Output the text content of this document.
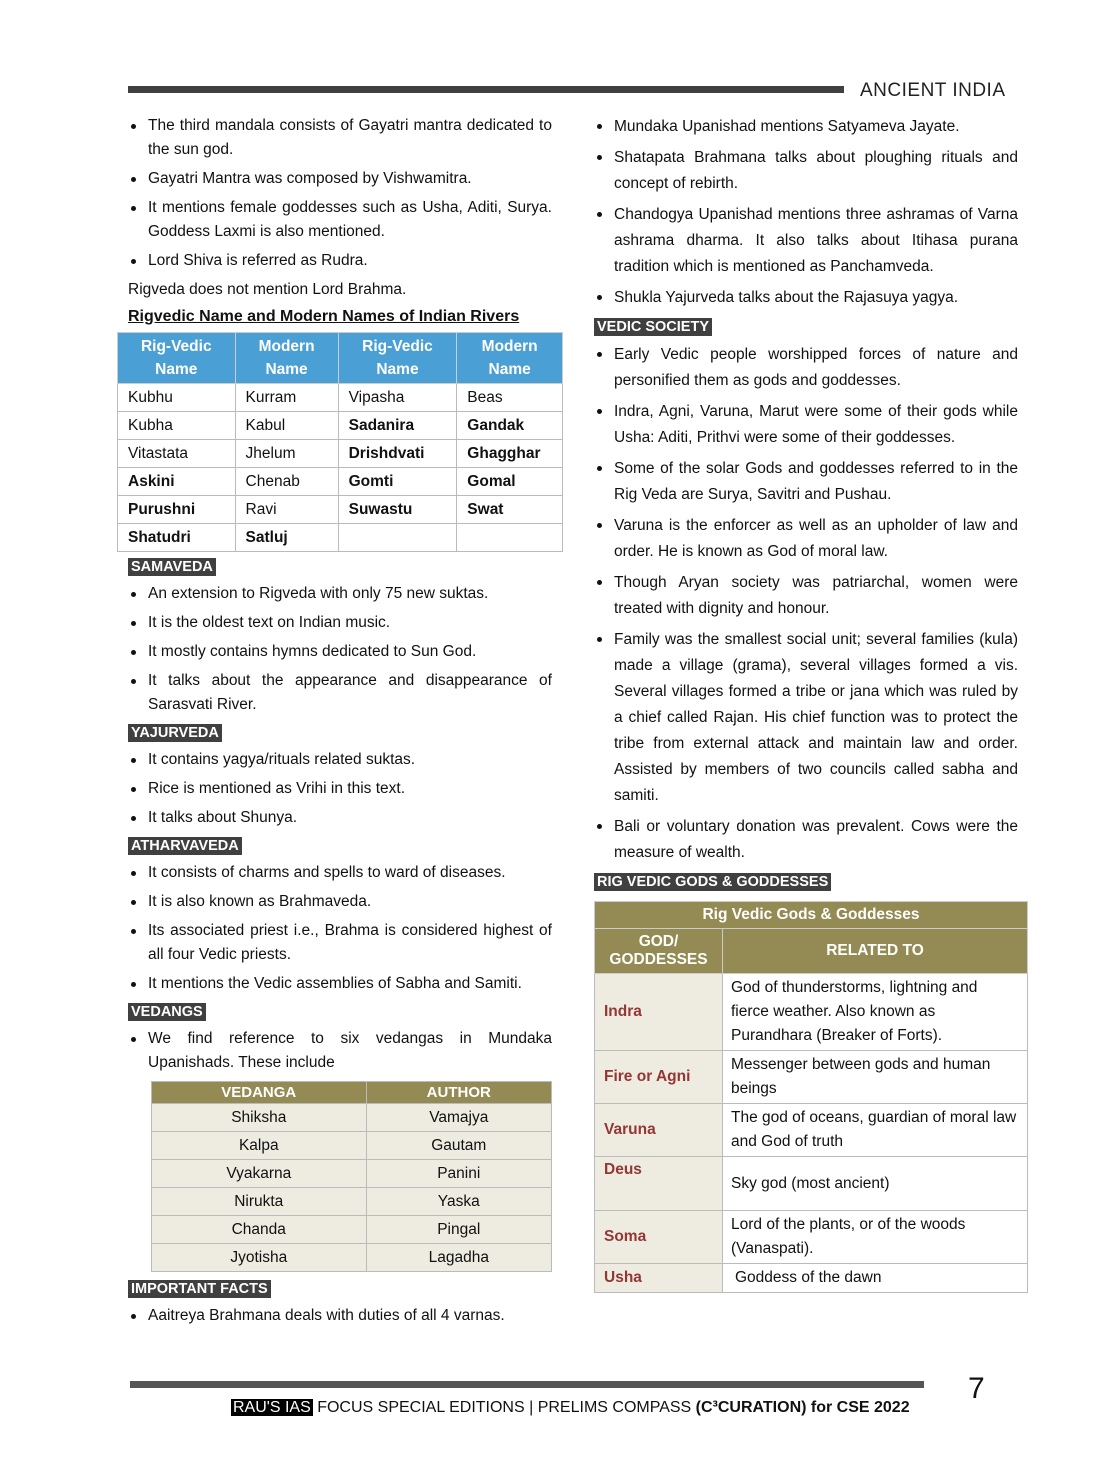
ANCIENT INDIA
The third mandala consists of Gayatri mantra dedicated to the sun god.
Gayatri Mantra was composed by Vishwamitra.
It mentions female goddesses such as Usha, Aditi, Surya. Goddess Laxmi is also mentioned.
Lord Shiva is referred as Rudra.
Rigveda does not mention Lord Brahma.
Rigvedic Name and Modern Names of Indian Rivers
Rig-Vedic Name	Modern Name	Rig-Vedic Name	Modern Name
Kubhu	Kurram	Vipasha	Beas
Kubha	Kabul	Sadanira	Gandak
Vitastata	Jhelum	Drishdvati	Ghagghar
Askini	Chenab	Gomti	Gomal
Purushni	Ravi	Suwastu	Swat
Shatudri	Satluj		
SAMAVEDA
An extension to Rigveda with only 75 new suktas.
It is the oldest text on Indian music.
It mostly contains hymns dedicated to Sun God.
It talks about the appearance and disappearance of Sarasvati River.
YAJURVEDA
It contains yagya/rituals related suktas.
Rice is mentioned as Vrihi in this text.
It talks about Shunya.
ATHARVAVEDA
It consists of charms and spells to ward of diseases.
It is also known as Brahmaveda.
Its associated priest i.e., Brahma is considered highest of all four Vedic priests.
It mentions the Vedic assemblies of Sabha and Samiti.
VEDANGS
We find reference to six vedangas in Mundaka Upanishads. These include
VEDANGA	AUTHOR
Shiksha	Vamajya
Kalpa	Gautam
Vyakarna	Panini
Nirukta	Yaska
Chanda	Pingal
Jyotisha	Lagadha
IMPORTANT FACTS
Aaitreya Brahmana deals with duties of all 4 varnas.
Mundaka Upanishad mentions Satyameva Jayate.
Shatapata Brahmana talks about ploughing rituals and concept of rebirth.
Chandogya Upanishad mentions three ashramas of Varna ashrama dharma. It also talks about Itihasa purana tradition which is mentioned as Panchamveda.
Shukla Yajurveda talks about the Rajasuya yagya.
VEDIC SOCIETY
Early Vedic people worshipped forces of nature and personified them as gods and goddesses.
Indra, Agni, Varuna, Marut were some of their gods while Usha: Aditi, Prithvi were some of their goddesses.
Some of the solar Gods and goddesses referred to in the Rig Veda are Surya, Savitri and Pushau.
Varuna is the enforcer as well as an upholder of law and order. He is known as God of moral law.
Though Aryan society was patriarchal, women were treated with dignity and honour.
Family was the smallest social unit; several families (kula) made a village (grama), several villages formed a vis. Several villages formed a tribe or jana which was ruled by a chief called Rajan. His chief function was to protect the tribe from external attack and maintain law and order. Assisted by members of two councils called sabha and samiti.
Bali or voluntary donation was prevalent. Cows were the measure of wealth.
RIG VEDIC GODS & GODDESSES
Rig Vedic Gods & Goddesses	
GOD/ GODDESSES	RELATED TO
Indra	God of thunderstorms, lightning and fierce weather. Also known as Purandhara (Breaker of Forts).
Fire or Agni	Messenger between gods and human beings
Varuna	The god of oceans, guardian of moral law and God of truth
Deus	Sky god (most ancient)
Soma	Lord of the plants, or of the woods (Vanaspati).
Usha	Goddess of the dawn
7
RAU'S IAS FOCUS SPECIAL EDITIONS | PRELIMS COMPASS (C³CURATION) for CSE 2022
